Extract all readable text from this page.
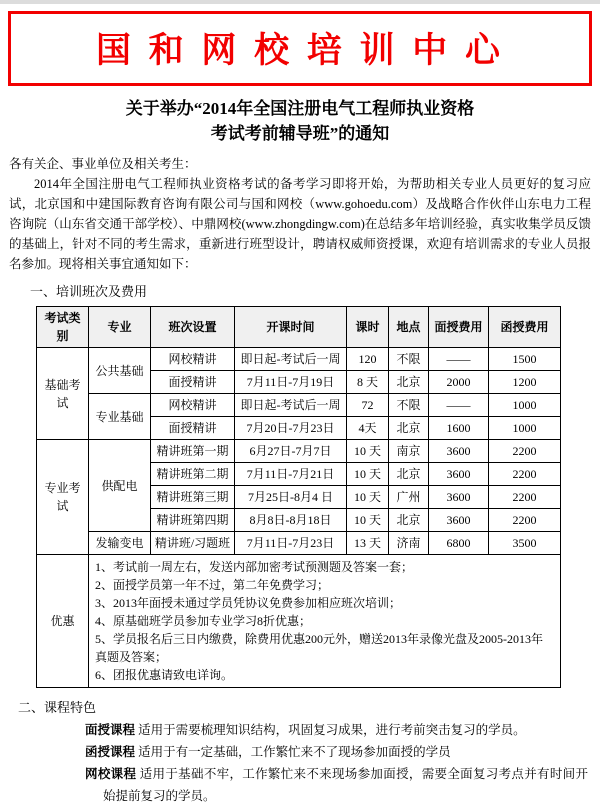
国 和 网 校 培 训 中 心
关于举办“2014年全国注册电气工程师执业资格
考试考前辅导班”的通知

各有关企、事业单位及相关考生：

2014年全国注册电气工程师执业资格考试的备考学习即将开始，为帮助相关专业人员更好的复习应试，北京国和中建国际教育咨询有限公司与国和网校（www.gohoedu.com）及战略合作伙伴山东电力工程咨询院（山东省交通干部学校）、中鼎网校(www.zhongdingw.com)在总结多年培训经验，真实收集学员反馈的基础上，针对不同的考生需求，重新进行班型设计，聘请权威师资授课，欢迎有培训需求的专业人员报名参加。现将相关事宜通知如下：

一、培训班次及费用
考试类别	专业	班次设置	开课时间	课时	地点	面授费用	函授费用
基础考试	公共基础	网校精讲	即日起-考试后一周	120	不限	——	1500
		面授精讲	7月11日-7月19日	8 天	北京	2000	1200
	专业基础	网校精讲	即日起-考试后一周	72	不限	——	1000
		面授精讲	7月20日-7月23日	4天	北京	1600	1000
专业考试	供配电	精讲班第一期	6月27日-7月7日	10 天	南京	3600	2200
		精讲班第二期	7月11日-7月21日	10 天	北京	3600	2200
		精讲班第三期	7月25日-8月4 日	10 天	广州	3600	2200
		精讲班第四期	8月8日-8月18日	10 天	北京	3600	2200
	发输变电	精讲班/习题班	7月11日-7月23日	13 天	济南	6800	3500
优惠	
1、考试前一周左右，发送内部加密考试预测题及答案一套；
2、面授学员第一年不过，第二年免费学习；
3、2013年面授未通过学员凭协议免费参加相应班次培训；
4、原基础班学员参加专业学习8折优惠；
5、学员报名后三日内缴费，除费用优惠200元外，赠送2013年录像光盘及2005-2013年真题及答案；
6、团报优惠请致电详询。
二、课程特色

面授课程 适用于需要梳理知识结构，巩固复习成果，进行考前突击复习的学员。

函授课程 适用于有一定基础，工作繁忙来不了现场参加面授的学员

网校课程 适用于基础不牢，工作繁忙来不来现场参加面授，需要全面复习考点并有时间开始提前复习的学员。
